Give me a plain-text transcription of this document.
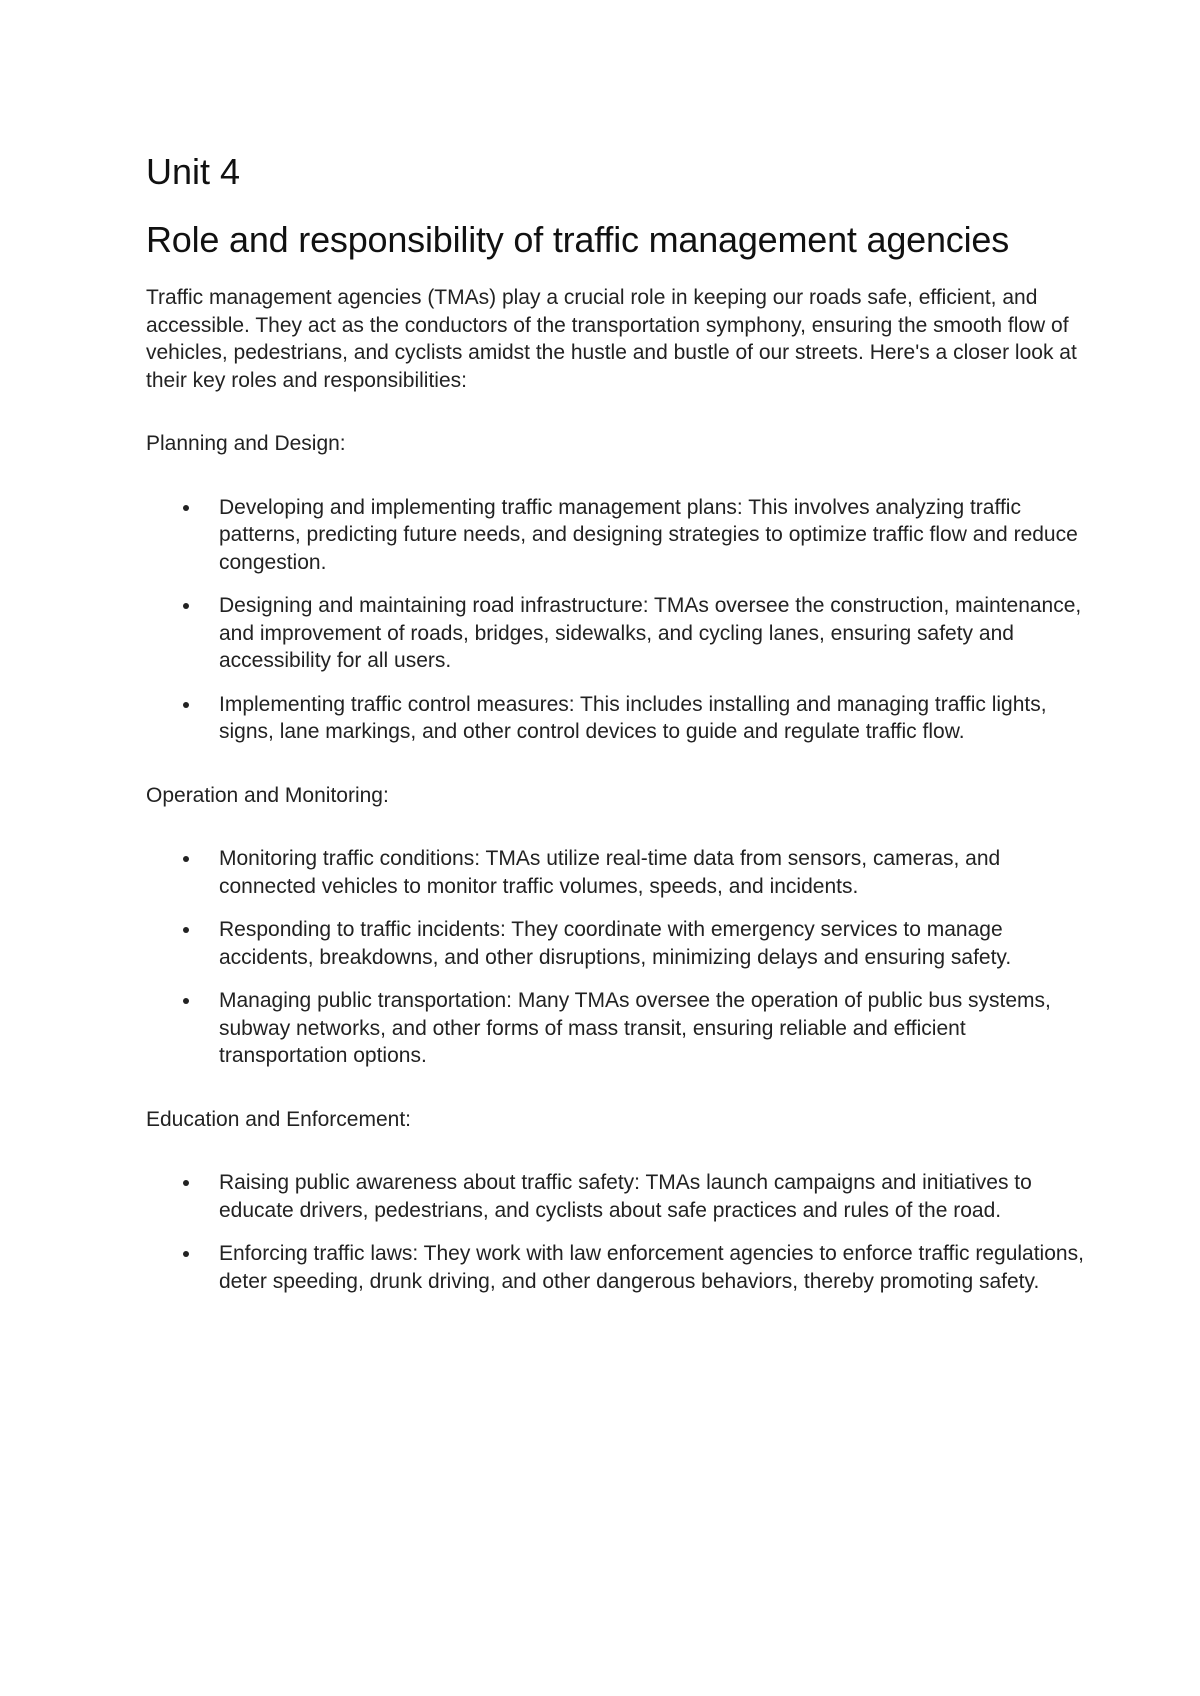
Unit 4
Role and responsibility of traffic management agencies

Traffic management agencies (TMAs) play a crucial role in keeping our roads safe, efficient, and accessible. They act as the conductors of the transportation symphony, ensuring the smooth flow of vehicles, pedestrians, and cyclists amidst the hustle and bustle of our streets. Here's a closer look at their key roles and responsibilities:

Planning and Design:

Developing and implementing traffic management plans: This involves analyzing traffic patterns, predicting future needs, and designing strategies to optimize traffic flow and reduce congestion.
Designing and maintaining road infrastructure: TMAs oversee the construction, maintenance, and improvement of roads, bridges, sidewalks, and cycling lanes, ensuring safety and accessibility for all users.
Implementing traffic control measures: This includes installing and managing traffic lights, signs, lane markings, and other control devices to guide and regulate traffic flow.

Operation and Monitoring:

Monitoring traffic conditions: TMAs utilize real-time data from sensors, cameras, and connected vehicles to monitor traffic volumes, speeds, and incidents.
Responding to traffic incidents: They coordinate with emergency services to manage accidents, breakdowns, and other disruptions, minimizing delays and ensuring safety.
Managing public transportation: Many TMAs oversee the operation of public bus systems, subway networks, and other forms of mass transit, ensuring reliable and efficient transportation options.

Education and Enforcement:

Raising public awareness about traffic safety: TMAs launch campaigns and initiatives to educate drivers, pedestrians, and cyclists about safe practices and rules of the road.
Enforcing traffic laws: They work with law enforcement agencies to enforce traffic regulations, deter speeding, drunk driving, and other dangerous behaviors, thereby promoting safety.
